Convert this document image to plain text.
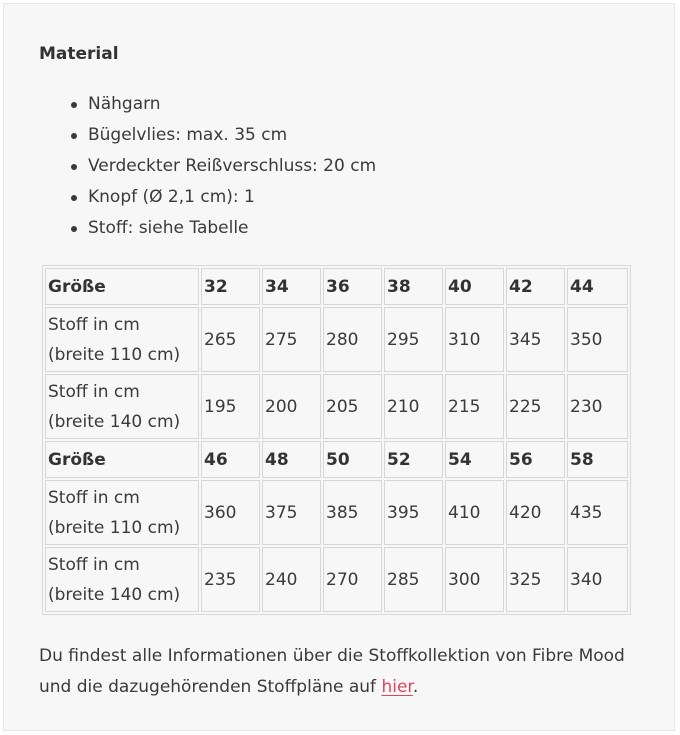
Material
Nähgarn
Bügelvlies: max. 35 cm
Verdeckter Reißverschluss: 20 cm
Knopf (Ø 2,1 cm): 1
Stoff: siehe Tabelle
Größe	32	34	36	38	40	42	44
Stoff in cm
(breite 110 cm)	265	275	280	295	310	345	350
Stoff in cm
(breite 140 cm)	195	200	205	210	215	225	230
Größe	46	48	50	52	54	56	58
Stoff in cm
(breite 110 cm)	360	375	385	395	410	420	435
Stoff in cm
(breite 140 cm)	235	240	270	285	300	325	340
Du findest alle Informationen über die Stoffkollektion von Fibre Mood und die dazugehörenden Stoffpläne auf hier.
